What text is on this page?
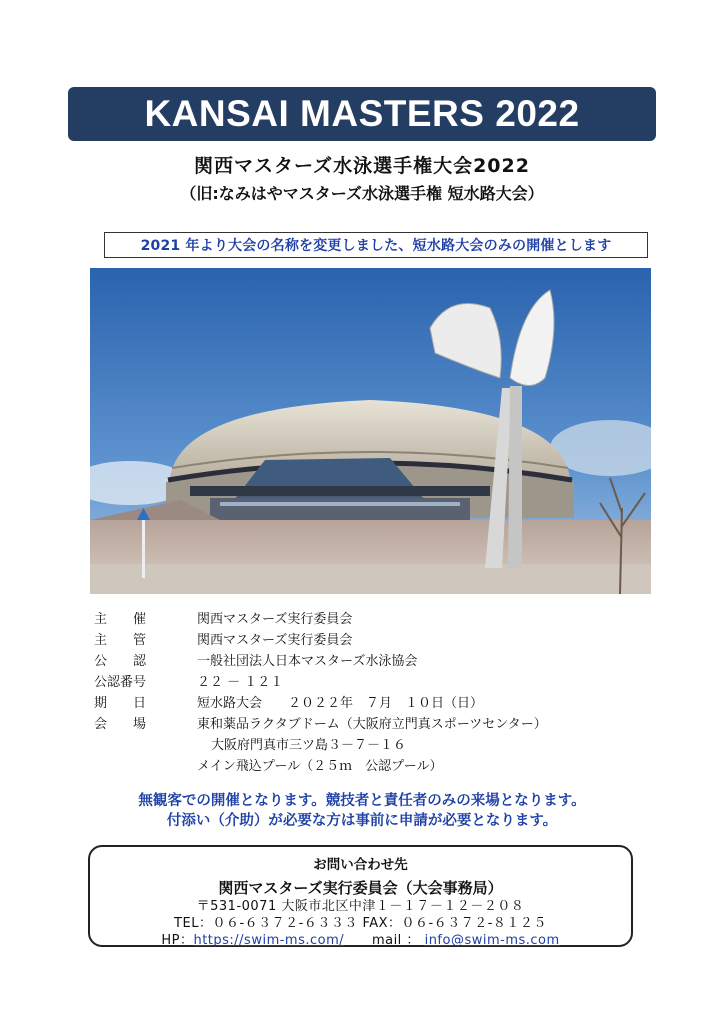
KANSAI MASTERS 2022
関西マスターズ水泳選手権大会2022
（旧:なみはやマスターズ水泳選手権 短水路大会）
2021 年より大会の名称を変更しました、短水路大会のみの開催とします
主　　催	関西マスターズ実行委員会
主　　管	関西マスターズ実行委員会
公　　認	一般社団法人日本マスターズ水泳協会
公認番号	２２ － １２１
期　　日	短水路大会　　２０２２年　７月　１０日（日）
会　　場	東和薬品ラクタブドーム（大阪府立門真スポーツセンター）
大阪府門真市三ツ島３－７－１６
メイン飛込プール（２５ｍ　公認プール）
無観客での開催となります。競技者と責任者のみの来場となります。
付添い（介助）が必要な方は事前に申請が必要となります。
お問い合わせ先
関西マスターズ実行委員会（大会事務局）
〒531-0071 大阪市北区中津１－１７－１２－２０８
TEL：０６-６３７２-６３３３ FAX：０６-６３７２-８１２５
HP：https://swim-ms.com/ mail ： info@swim-ms.com
